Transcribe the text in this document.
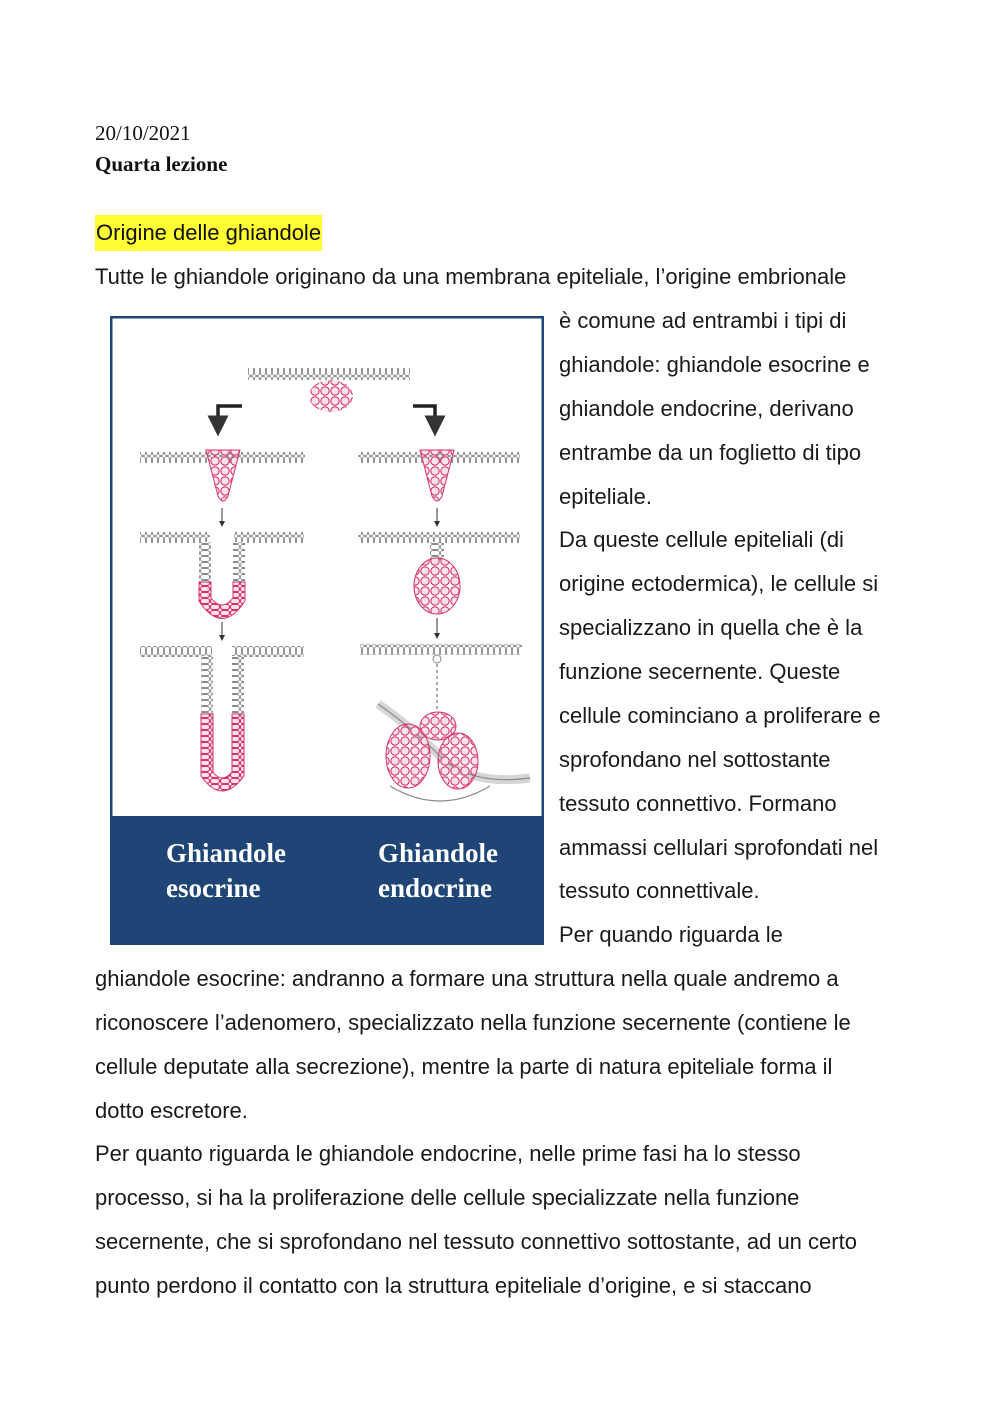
20/10/2021
Quarta lezione
Origine delle ghiandole
Tutte le ghiandole originano da una membrana epiteliale, l’origine embrionale
è comune ad entrambi i tipi di
ghiandole: ghiandole esocrine e
ghiandole endocrine, derivano
entrambe da un foglietto di tipo
epiteliale.
Da queste cellule epiteliali (di
origine ectodermica), le cellule si
specializzano in quella che è la
funzione secernente. Queste
cellule cominciano a proliferare e
sprofondano nel sottostante
tessuto connettivo. Formano
ammassi cellulari sprofondati nel
tessuto connettivale.
Per quando riguarda le
ghiandole esocrine: andranno a formare una struttura nella quale andremo a
riconoscere l’adenomero, specializzato nella funzione secernente (contiene le
cellule deputate alla secrezione), mentre la parte di natura epiteliale forma il
dotto escretore.
Per quanto riguarda le ghiandole endocrine, nelle prime fasi ha lo stesso
processo, si ha la proliferazione delle cellule specializzate nella funzione
secernente, che si sprofondano nel tessuto connettivo sottostante, ad un certo
punto perdono il contatto con la struttura epiteliale d’origine, e si staccano
Ghiandole
esocrine
Ghiandole
endocrine
